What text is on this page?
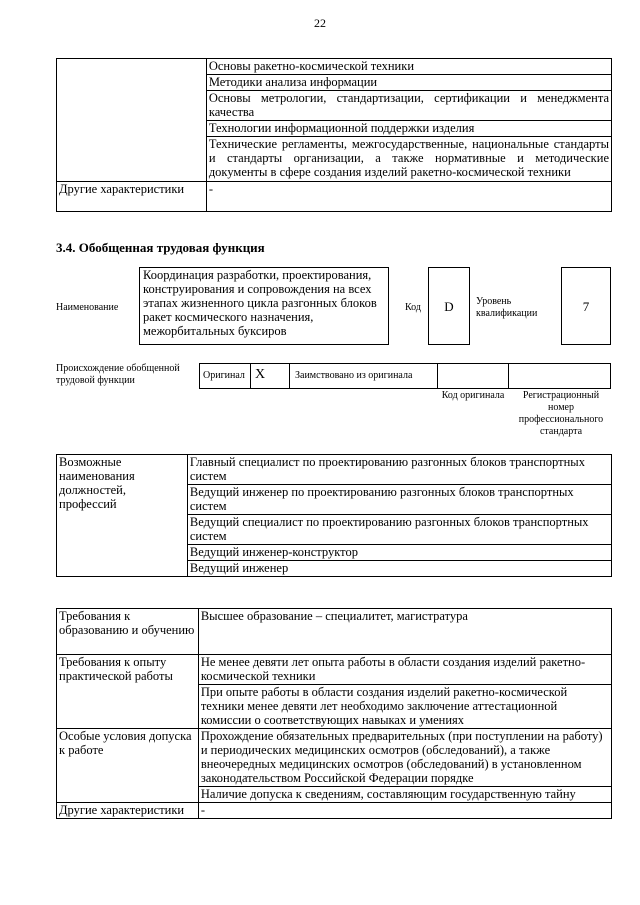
22
	Основы ракетно-космической техники
	Методики анализа информации
	Основы метрологии, стандартизации, сертификации и менеджмента качества
	Технологии информационной поддержки изделия
	Технические регламенты, межгосударственные, национальные стандарты и стандарты организации, а также нормативные и методические документы в сфере создания изделий ракетно-космической техники
Другие характеристики	-
3.4. Обобщенная трудовая функция
Наименование
Координация разработки, проектирования, конструирования и сопровождения на всех этапах жизненного цикла разгонных блоков ракет космического назначения, межорбитальных буксиров
Код	D	Уровень квалификации	7
Происхождение обобщенной трудовой функции	Оригинал X	Заимствовано из оригинала
Код оригинала	Регистрационный номер профессионального стандарта
Возможные наименования должностей, профессий	Главный специалист по проектированию разгонных блоков транспортных систем
Ведущий инженер по проектированию разгонных блоков транспортных систем
Ведущий специалист по проектированию разгонных блоков транспортных систем
Ведущий инженер-конструктор
Ведущий инженер
Требования к образованию и обучению	Высшее образование – специалитет, магистратура
Требования к опыту практической работы	Не менее девяти лет опыта работы в области создания изделий ракетно-космической техники
	При опыте работы в области создания изделий ракетно-космической техники менее девяти лет необходимо заключение аттестационной комиссии о соответствующих навыках и умениях
Особые условия допуска к работе	Прохождение обязательных предварительных (при поступлении на работу) и периодических медицинских осмотров (обследований), а также внеочередных медицинских осмотров (обследований) в установленном законодательством Российской Федерации порядке
	Наличие допуска к сведениям, составляющим государственную тайну
Другие характеристики	-
